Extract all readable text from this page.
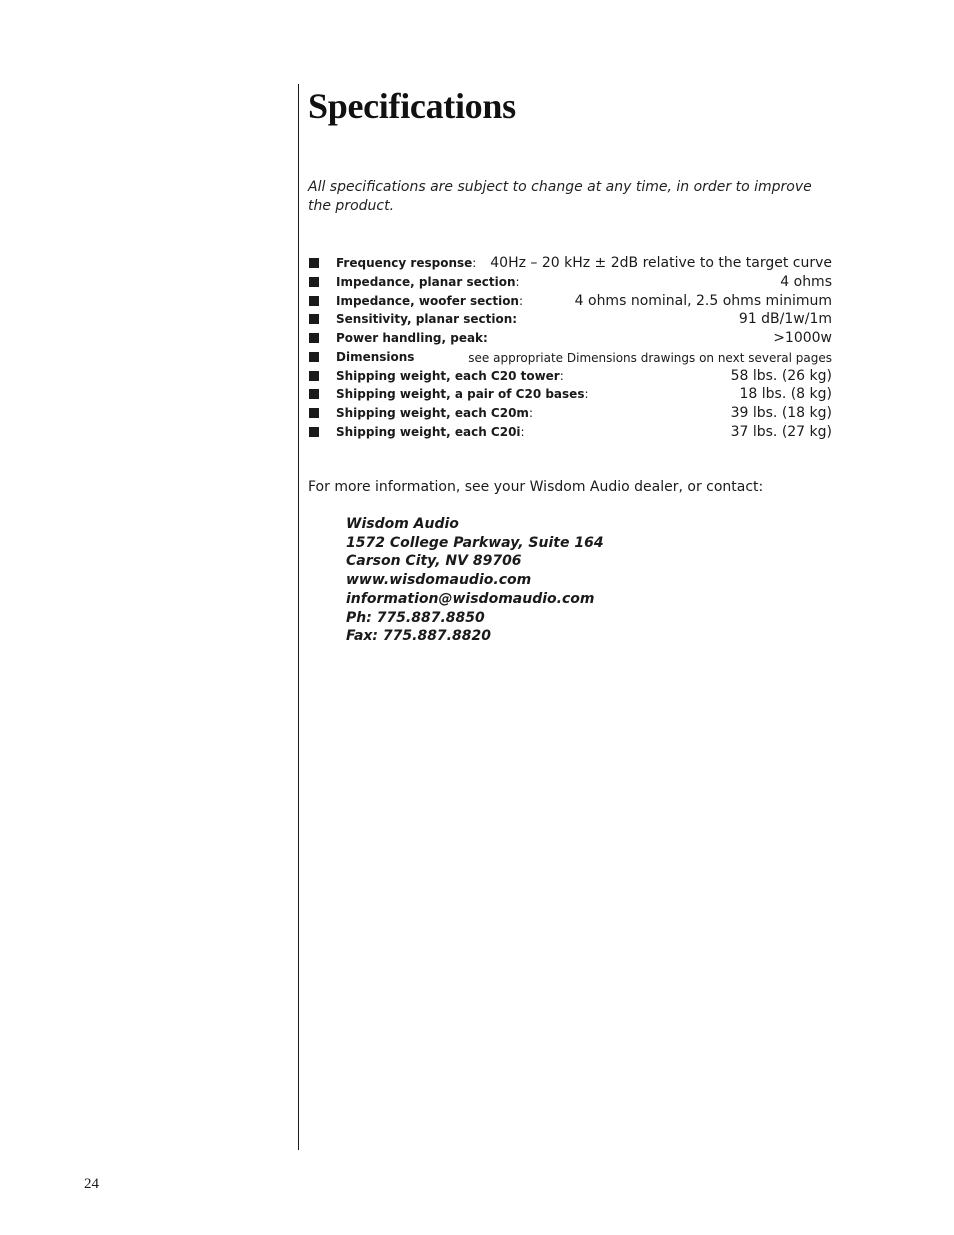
Specifications

All specifications are subject to change at any time, in order to improve the product.

Frequency response: 40Hz – 20 kHz ± 2dB relative to the target curve
Impedance, planar section:	4 ohms
Impedance, woofer section:	4 ohms nominal, 2.5 ohms minimum
Sensitivity, planar section:	91 dB/1w/1m
Power handling, peak:	>1000w
Dimensions	see appropriate Dimensions drawings on next several pages
Shipping weight, each C20 tower:	58 lbs. (26 kg)
Shipping weight, a pair of C20 bases:	18 lbs. (8 kg)
Shipping weight, each C20m:	39 lbs. (18 kg)
Shipping weight, each C20i:	37 lbs. (27 kg)

For more information, see your Wisdom Audio dealer, or contact:

Wisdom Audio
1572 College Parkway, Suite 164
Carson City, NV 89706
www.wisdomaudio.com
information@wisdomaudio.com
Ph: 775.887.8850
Fax: 775.887.8820
24
